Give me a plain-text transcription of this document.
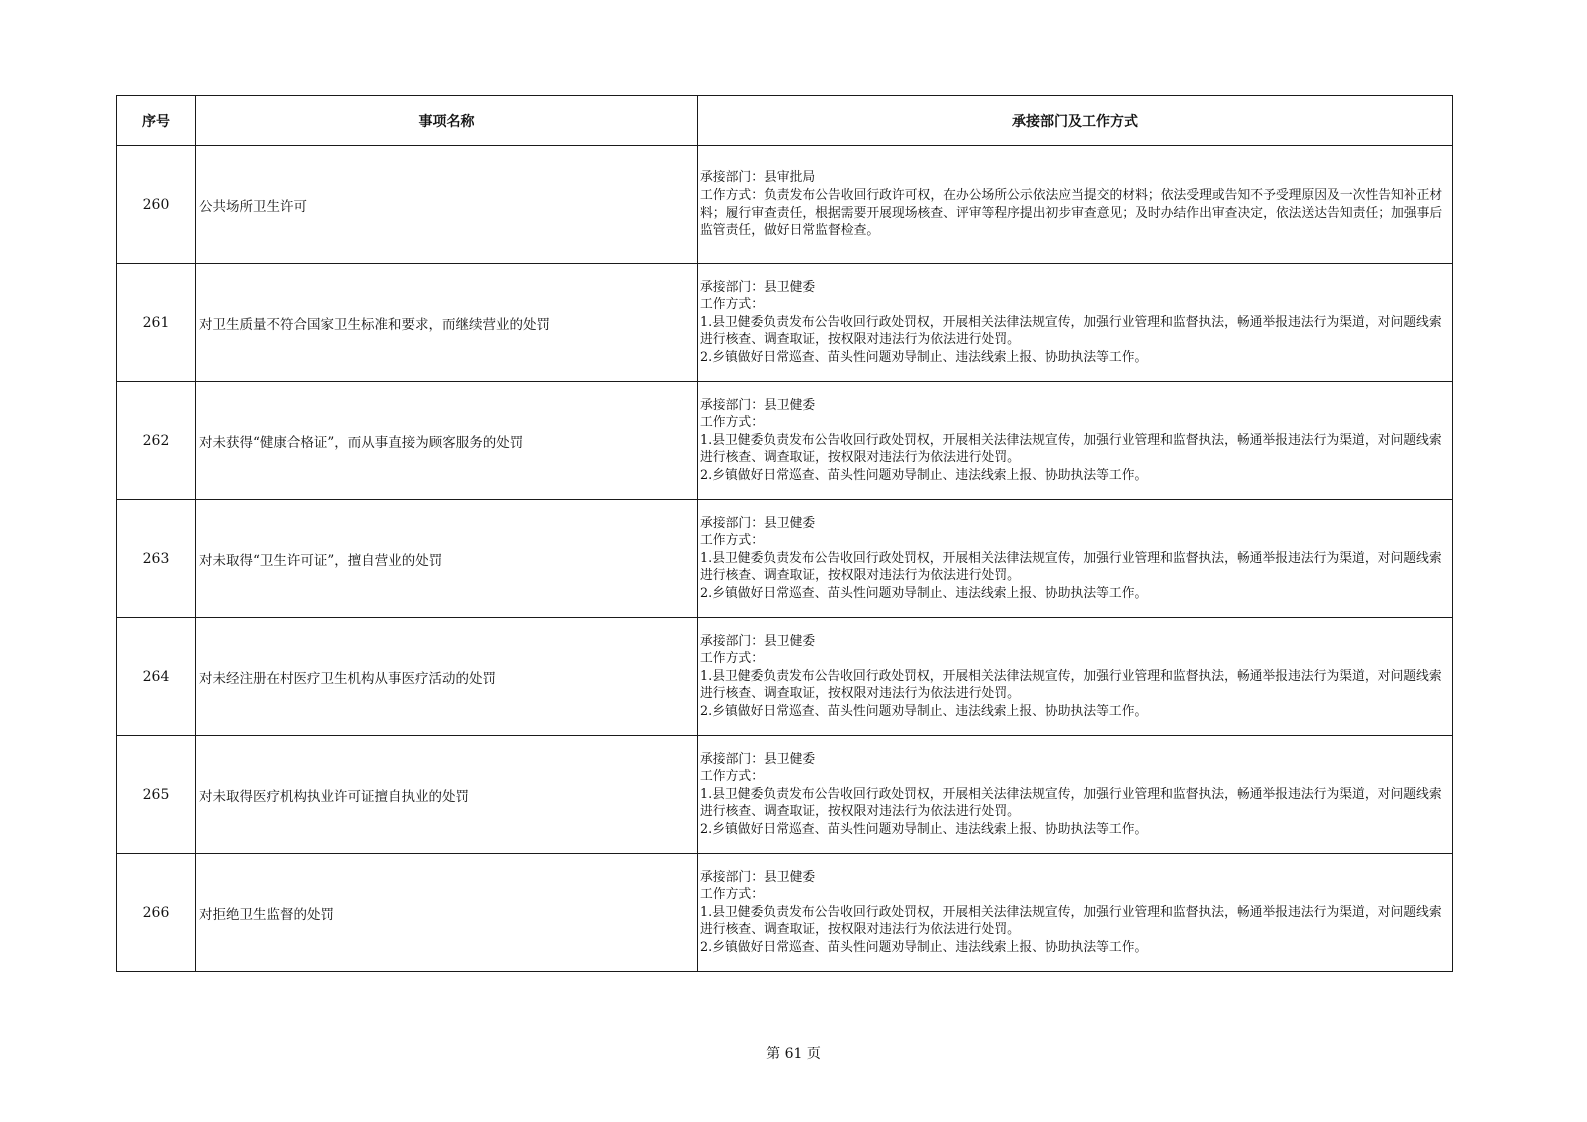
序号	事项名称	承接部门及工作方式
260	公共场所卫生许可	承接部门：县审批局
工作方式：负责发布公告收回行政许可权，在办公场所公示依法应当提交的材料；依法受理或告知不予受理原因及一次性告知补正材料；履行审查责任，根据需要开展现场核查、评审等程序提出初步审查意见；及时办结作出审查决定，依法送达告知责任；加强事后监管责任，做好日常监督检查。

261	对卫生质量不符合国家卫生标准和要求，而继续营业的处罚	承接部门：县卫健委
工作方式：
1.县卫健委负责发布公告收回行政处罚权，开展相关法律法规宣传，加强行业管理和监督执法，畅通举报违法行为渠道，对问题线索进行核查、调查取证，按权限对违法行为依法进行处罚。
2.乡镇做好日常巡查、苗头性问题劝导制止、违法线索上报、协助执法等工作。

262	对未获得“健康合格证”，而从事直接为顾客服务的处罚	承接部门：县卫健委
工作方式：
1.县卫健委负责发布公告收回行政处罚权，开展相关法律法规宣传，加强行业管理和监督执法，畅通举报违法行为渠道，对问题线索进行核查、调查取证，按权限对违法行为依法进行处罚。
2.乡镇做好日常巡查、苗头性问题劝导制止、违法线索上报、协助执法等工作。

263	对未取得“卫生许可证”，擅自营业的处罚	承接部门：县卫健委
工作方式：
1.县卫健委负责发布公告收回行政处罚权，开展相关法律法规宣传，加强行业管理和监督执法，畅通举报违法行为渠道，对问题线索进行核查、调查取证，按权限对违法行为依法进行处罚。
2.乡镇做好日常巡查、苗头性问题劝导制止、违法线索上报、协助执法等工作。

264	对未经注册在村医疗卫生机构从事医疗活动的处罚	承接部门：县卫健委
工作方式：
1.县卫健委负责发布公告收回行政处罚权，开展相关法律法规宣传，加强行业管理和监督执法，畅通举报违法行为渠道，对问题线索进行核查、调查取证，按权限对违法行为依法进行处罚。
2.乡镇做好日常巡查、苗头性问题劝导制止、违法线索上报、协助执法等工作。

265	对未取得医疗机构执业许可证擅自执业的处罚	承接部门：县卫健委
工作方式：
1.县卫健委负责发布公告收回行政处罚权，开展相关法律法规宣传，加强行业管理和监督执法，畅通举报违法行为渠道，对问题线索进行核查、调查取证，按权限对违法行为依法进行处罚。
2.乡镇做好日常巡查、苗头性问题劝导制止、违法线索上报、协助执法等工作。

266	对拒绝卫生监督的处罚	承接部门：县卫健委
工作方式：
1.县卫健委负责发布公告收回行政处罚权，开展相关法律法规宣传，加强行业管理和监督执法，畅通举报违法行为渠道，对问题线索进行核查、调查取证，按权限对违法行为依法进行处罚。
2.乡镇做好日常巡查、苗头性问题劝导制止、违法线索上报、协助执法等工作。
第 61 页
